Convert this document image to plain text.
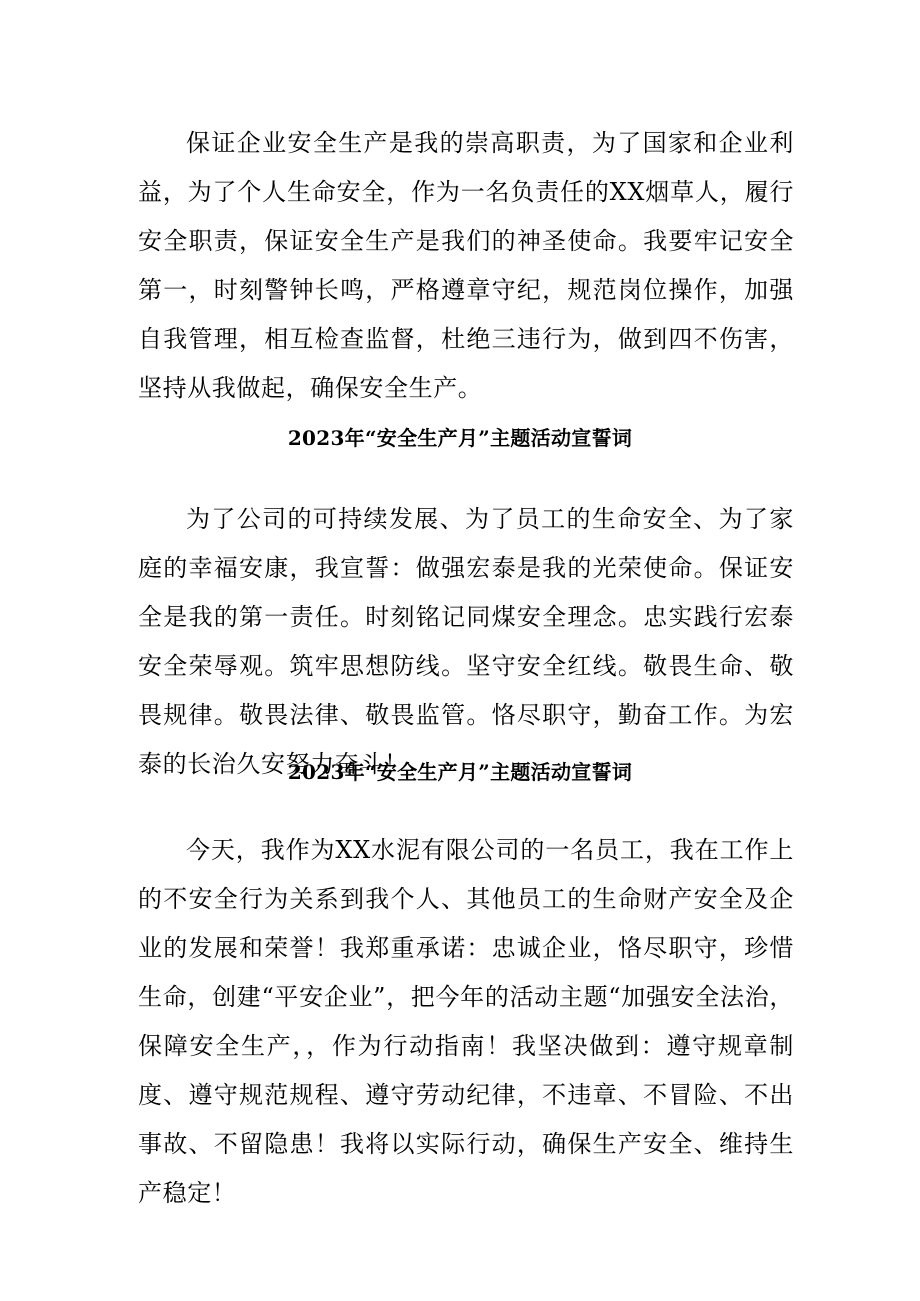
保证企业安全生产是我的崇高职责，为了国家和企业利益，为了个人生命安全，作为一名负责任的XX烟草人，履行安全职责，保证安全生产是我们的神圣使命。我要牢记安全第一，时刻警钟长鸣，严格遵章守纪，规范岗位操作，加强自我管理，相互检查监督，杜绝三违行为，做到四不伤害，坚持从我做起，确保安全生产。

2023年“安全生产月”主题活动宣誓词

为了公司的可持续发展、为了员工的生命安全、为了家庭的幸福安康，我宣誓：做强宏泰是我的光荣使命。保证安全是我的第一责任。时刻铭记同煤安全理念。忠实践行宏泰安全荣辱观。筑牢思想防线。坚守安全红线。敬畏生命、敬畏规律。敬畏法律、敬畏监管。恪尽职守，勤奋工作。为宏泰的长治久安努力奋斗！

2023年“安全生产月”主题活动宣誓词

今天，我作为XX水泥有限公司的一名员工，我在工作上的不安全行为关系到我个人、其他员工的生命财产安全及企业的发展和荣誉！我郑重承诺：忠诚企业，恪尽职守，珍惜生命，创建“平安企业”，把今年的活动主题“加强安全法治，保障安全生产，，作为行动指南！我坚决做到：遵守规章制度、遵守规范规程、遵守劳动纪律，不违章、不冒险、不出事故、不留隐患！我将以实际行动，确保生产安全、维持生产稳定！
